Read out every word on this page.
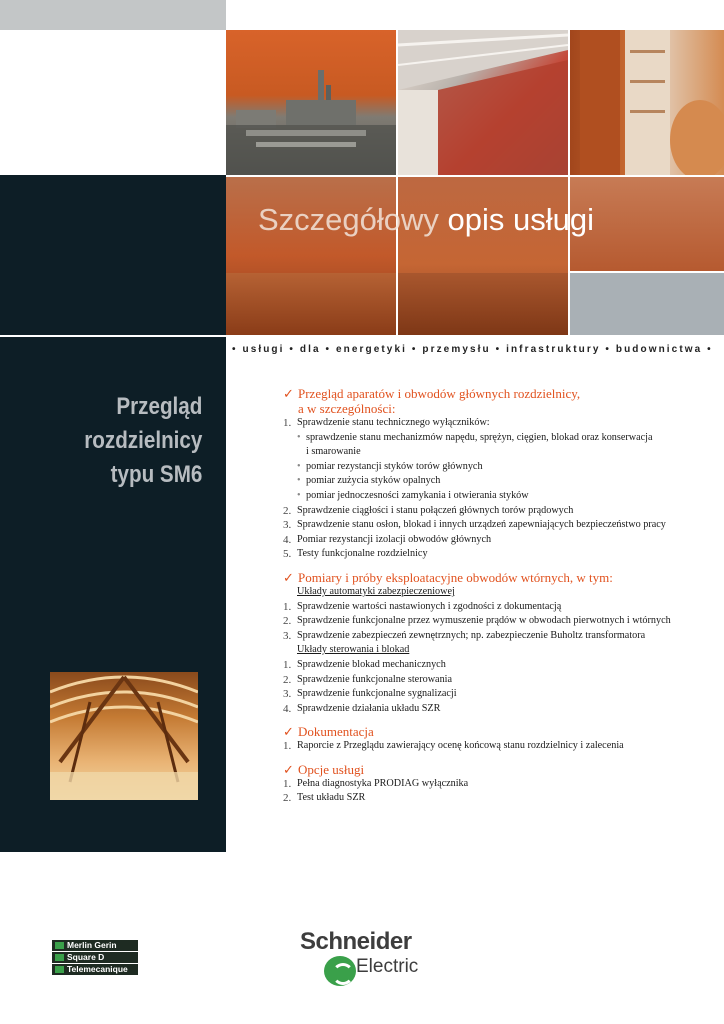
Szczegółowy opis usługi
• usługi • dla • energetyki • przemysłu • infrastruktury • budownictwa •
Przegląd
rozdzielnicy
typu SM6
✓ Przegląd aparatów i obwodów głównych rozdzielnicy,
a w szczególności:
1. Sprawdzenie stanu technicznego wyłączników:
• sprawdzenie stanu mechanizmów napędu, sprężyn, cięgien, blokad oraz konserwacja
i smarowanie
• pomiar rezystancji styków torów głównych
• pomiar zużycia styków opalnych
• pomiar jednoczesności zamykania i otwierania styków
2. Sprawdzenie ciągłości i stanu połączeń głównych torów prądowych
3. Sprawdzenie stanu osłon, blokad i innych urządzeń zapewniających bezpieczeństwo pracy
4. Pomiar rezystancji izolacji obwodów głównych
5. Testy funkcjonalne rozdzielnicy
✓ Pomiary i próby eksploatacyjne obwodów wtórnych, w tym:
Układy automatyki zabezpieczeniowej
1. Sprawdzenie wartości nastawionych i zgodności z dokumentacją
2. Sprawdzenie funkcjonalne przez wymuszenie prądów w obwodach pierwotnych i wtórnych
3. Sprawdzenie zabezpieczeń zewnętrznych; np. zabezpieczenie Buholtz transformatora
Układy sterowania i blokad
1. Sprawdzenie blokad mechanicznych
2. Sprawdzenie funkcjonalne sterowania
3. Sprawdzenie funkcjonalne sygnalizacji
4. Sprawdzenie działania układu SZR
✓ Dokumentacja
1. Raporcie z Przeglądu zawierający ocenę końcową stanu rozdzielnicy i zalecenia
✓ Opcje usługi
1. Pełna diagnostyka PRODIAG wyłącznika
2. Test układu SZR
Merlin Gerin
Square D
Telemecanique
Schneider
Electric
